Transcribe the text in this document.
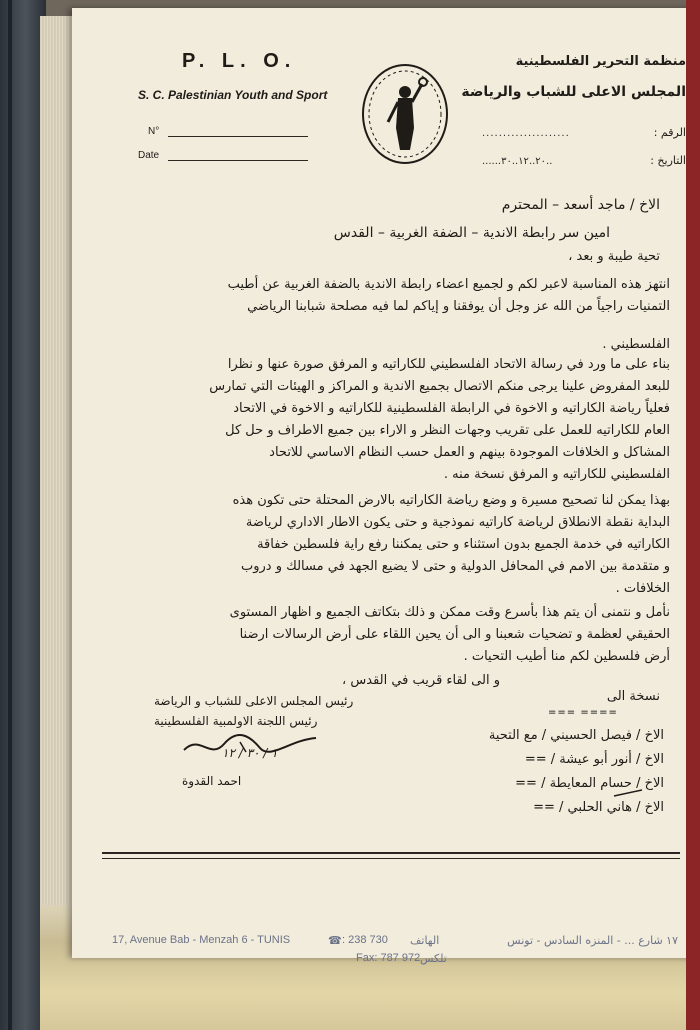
P. L. O.
S. C. Palestinian Youth and Sport
N°
Date
منظمة التحرير الفلسطينية
المجلس الاعلى للشباب والرياضة
الرقم :
.....................
التاريخ :
......٢٠..١٢..٣٠..
الاخ / ماجد أسعد – المحترم
امين سر رابطة الاندية – الضفة الغربية – القدس
تحية طيبة و بعد ،
انتهز هذه المناسبة لاعبر لكم و لجميع اعضاء رابطة الاندية بالضفة الغربية عن أطيب
التمنيات راجياً من الله عز وجل أن يوفقنا و إياكم لما فيه مصلحة شبابنا الرياضي
الفلسطيني .
بناء على ما ورد في رسالة الاتحاد الفلسطيني للكاراتيه و المرفق صورة عنها و نظرا
للبعد المفروض علينا يرجى منكم الاتصال بجميع الاندية و المراكز و الهيئات التي تمارس
فعلياً رياضة الكاراتيه و الاخوة في الرابطة الفلسطينية للكاراتيه و الاخوة في الاتحاد
العام للكاراتيه للعمل على تقريب وجهات النظر و الاراء بين جميع الاطراف و حل كل
المشاكل و الخلافات الموجودة بينهم و العمل حسب النظام الاساسي للاتحاد
الفلسطيني للكاراتيه و المرفق نسخة منه .
بهذا يمكن لنا تصحيح مسيرة و وضع رياضة الكاراتيه بالارض المحتلة حتى تكون هذه
البداية نقطة الانطلاق لرياضة كاراتيه نموذجية و حتى يكون الاطار الاداري لرياضة
الكاراتيه في خدمة الجميع بدون استثناء و حتى يمكننا رفع راية فلسطين خفاقة
و متقدمة بين الامم في المحافل الدولية و حتى لا يضيع الجهد في مسالك و دروب
الخلافات .
نأمل و نتمنى أن يتم هذا بأسرع وقت ممكن و ذلك بتكاتف الجميع و اظهار المستوى
الحقيقي لعظمة و تضحيات شعبنا و الى أن يحين اللقاء على أرض الرسالات ارضنا
أرض فلسطين لكم منا أطيب التحيات .
و الى لقاء قريب في القدس ،
رئيس المجلس الاعلى للشباب و الرياضة
رئيس اللجنة الاولمبية الفلسطينية
١ / ٣٠ / ١٢
احمد القدوة
نسخة الى
=== ====
الاخ / فيصل الحسيني / مع التحية
الاخ / أنور أبو عيشة / ==
الاخ / حسام المعايطة / ==
الاخ / هاني الحلبي / ==
17, Avenue Bab - Menzah 6 - TUNIS	☎ : 238 730 الهاتف	١٧ شارع ... - المنزه السادس - تونس
Fax: 787 972 تلكس
